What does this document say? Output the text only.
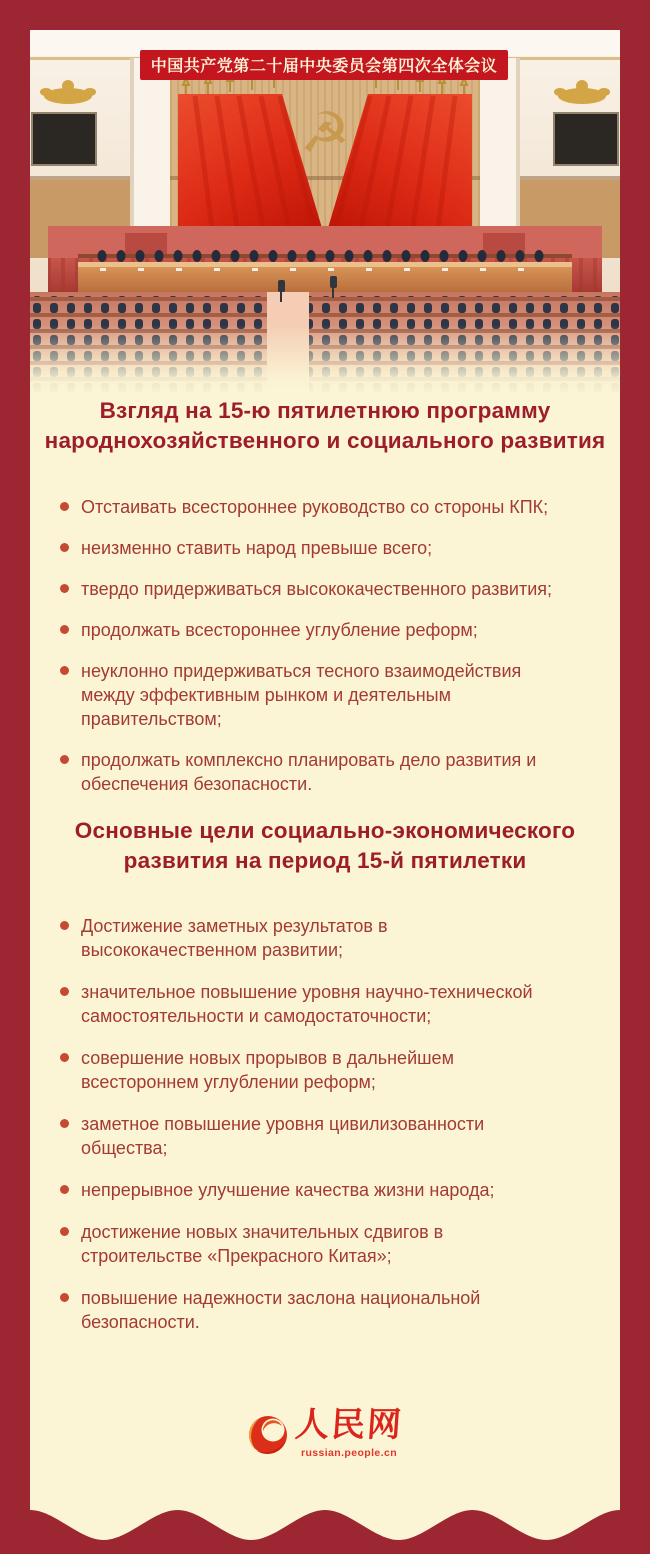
☭
中国共产党第二十届中央委员会第四次全体会议
Взгляд на 15-ю пятилетнюю программу
народнохозяйственного и социального развития
Отстаивать всестороннее руководство со стороны КПК;
неизменно ставить народ превыше всего;
твердо придерживаться высококачественного развития;
продолжать всестороннее углубление реформ;
неуклонно придерживаться тесного взаимодействия между эффективным рынком и деятельным правительством;
продолжать комплексно планировать дело развития и обеспечения безопасности.
Основные цели социально-экономического
развития на период 15-й пятилетки
Достижение заметных результатов в высококачественном развитии;
значительное повышение уровня научно-технической самостоятельности и самодостаточности;
совершение новых прорывов в дальнейшем всестороннем углублении реформ;
заметное повышение уровня цивилизованности общества;
непрерывное улучшение качества жизни народа;
достижение новых значительных сдвигов в строительстве «Прекрасного Китая»;
повышение надежности заслона национальной безопасности.
人民网
russian.people.cn
